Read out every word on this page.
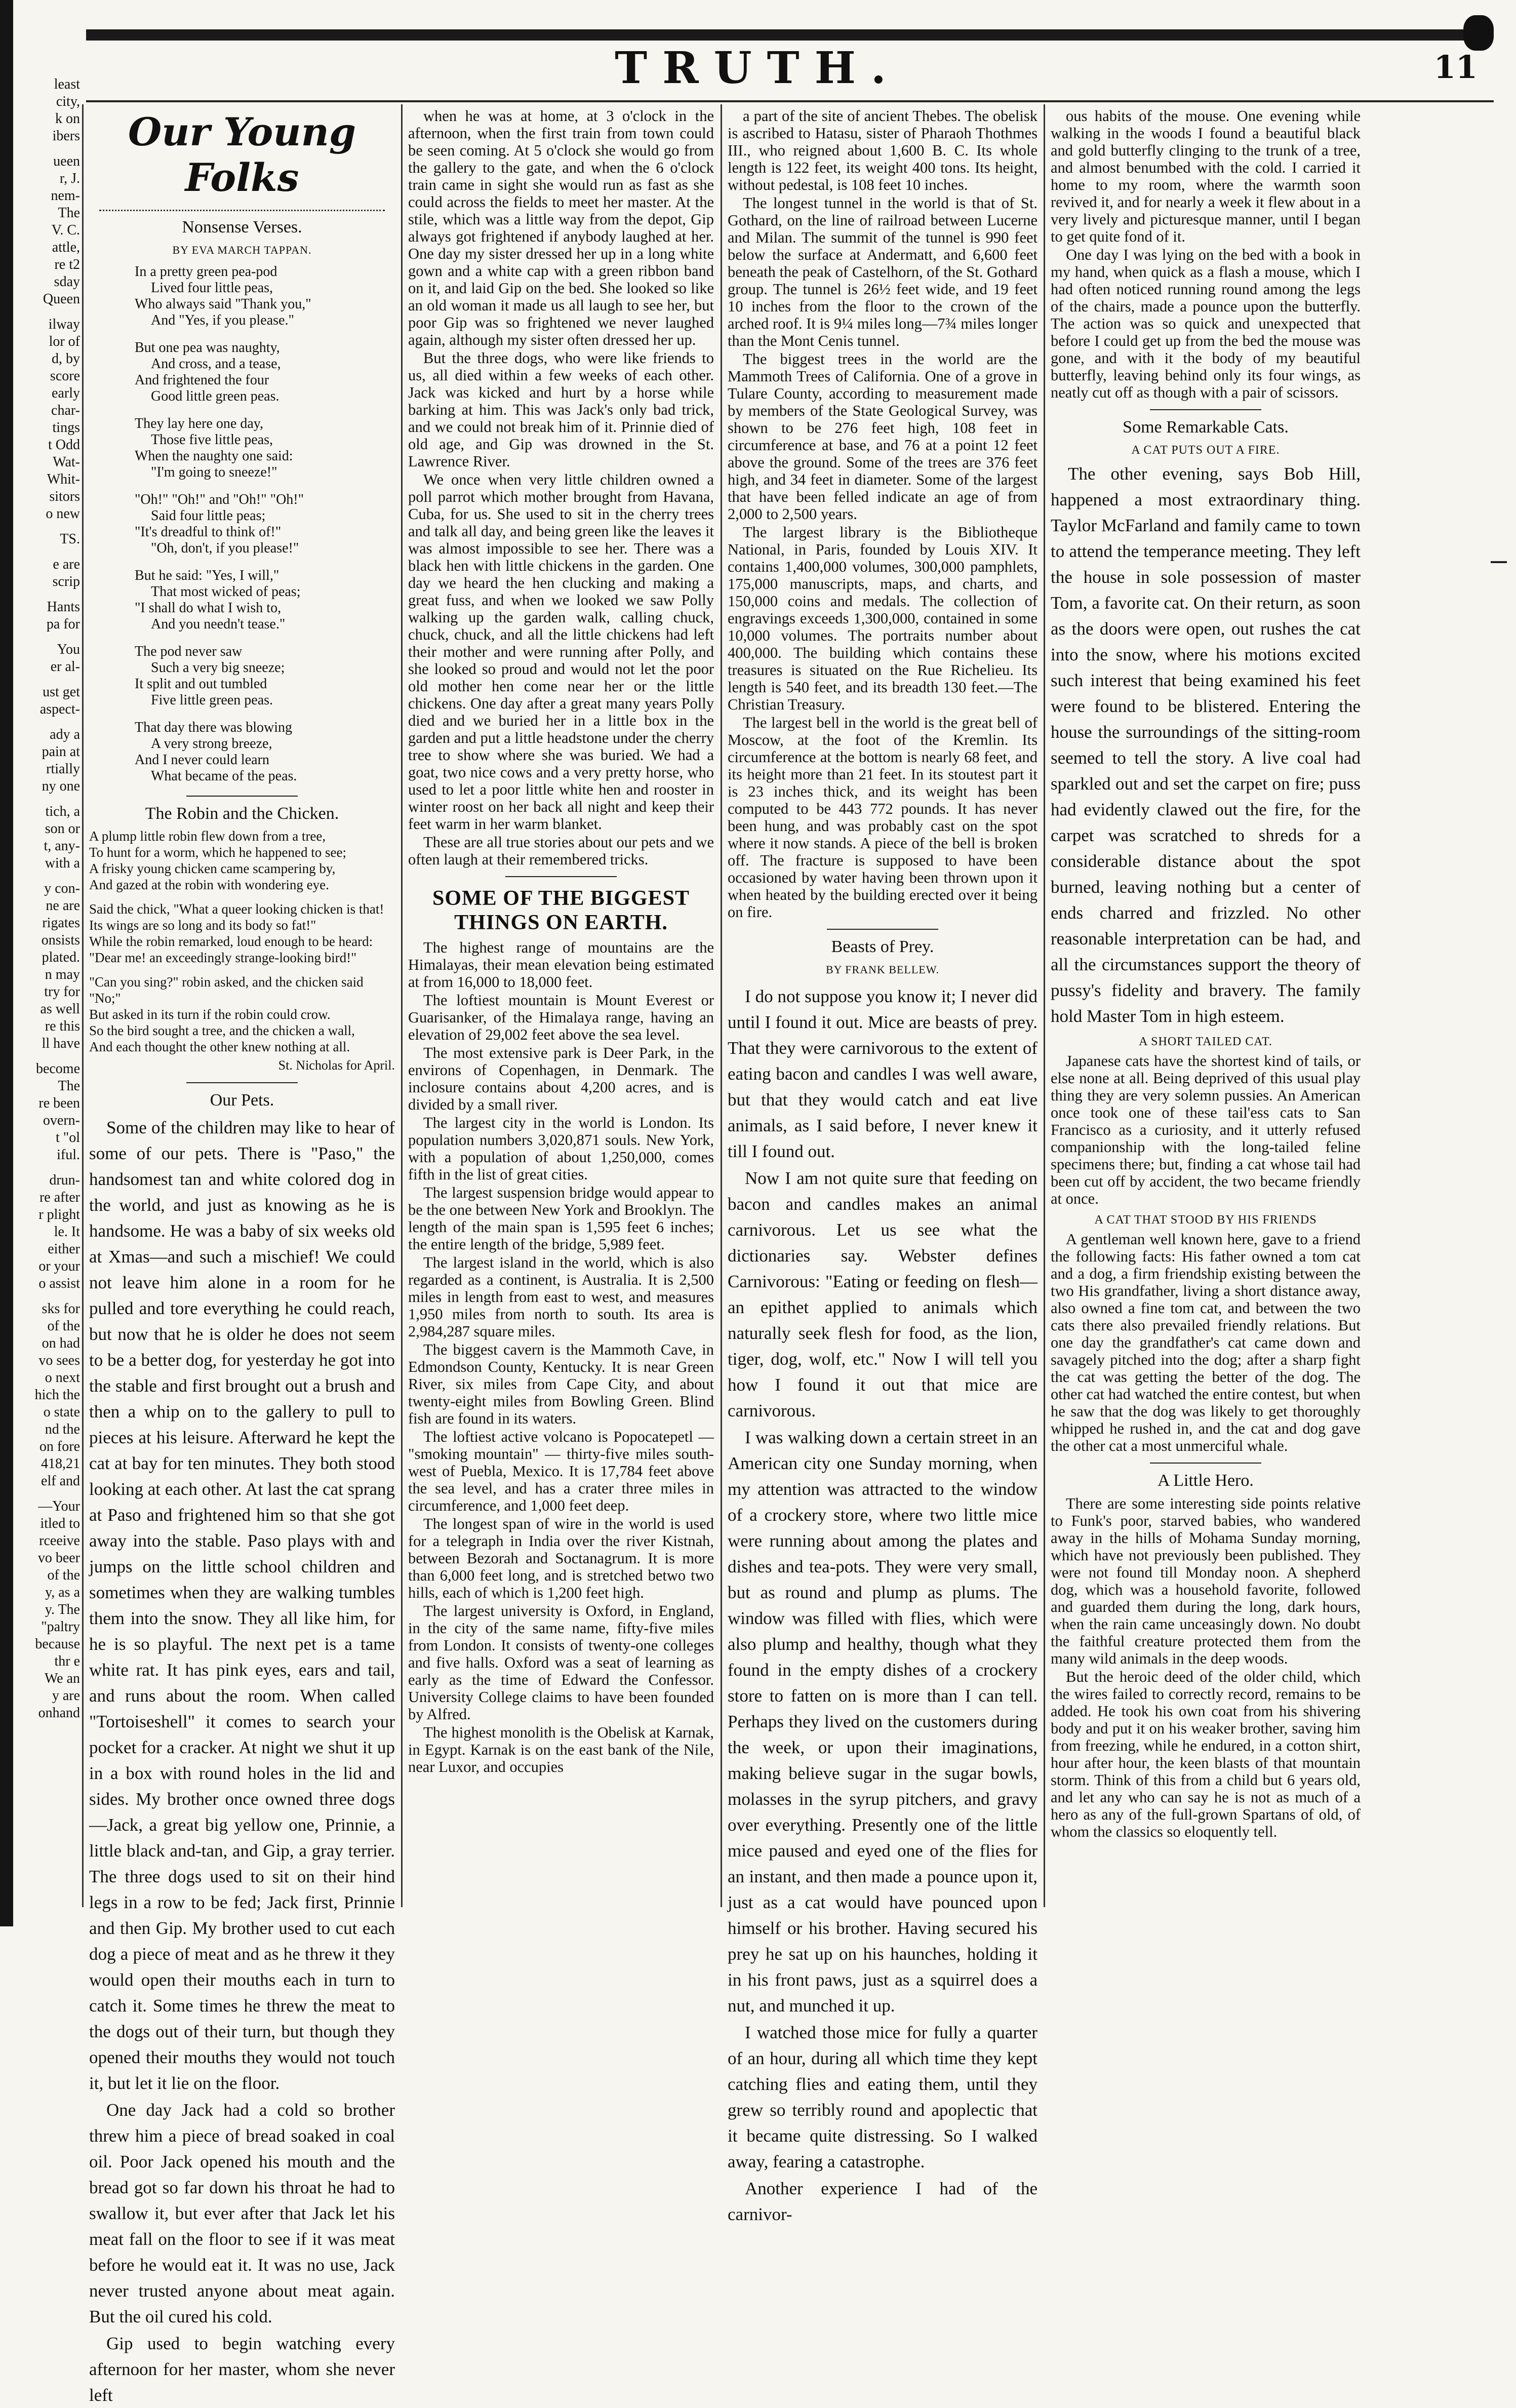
TRUTH.	11
least
city,
k on
ibers
ueen
r, J.
nem-
The
V. C.
attle,
re t2
sday
Queen
ilway
lor of
d, by
score
early
char-
tings
t Odd
Wat-
Whit-
sitors
o new
TS.
e are
scrip
Hants
pa for
You
er al-
ust get
aspect-
ady a
pain at
rtially
ny one
tich, a
son or
t, any-
with a
y con-
ne are
rigates
onsists
plated.
n may
try for
as well
re this
ll have
become
The
re been
overn-
t "ol
iful.
drun-
re after
r plight
le. It
either
or your
o assist
sks for
of the
on had
vo sees
o next
hich the
o state
nd the
on fore
418,21
elf and
—Your
itled to
rceeive
vo beer
of the
y, as a
y. The
"paltry
because
thr e
We an
y are
onhand
Our Young Folks
Nonsense Verses.
BY EVA MARCH TAPPAN.
In a pretty green pea-pod
Lived four little peas,
Who always said "Thank you,"
And "Yes, if you please."
But one pea was naughty,
And cross, and a tease,
And frightened the four
Good little green peas.
They lay here one day,
Those five little peas,
When the naughty one said:
"I'm going to sneeze!"
"Oh!" "Oh!" and "Oh!" "Oh!"
Said four little peas;
"It's dreadful to think of!"
"Oh, don't, if you please!"
But he said: "Yes, I will,"
That most wicked of peas;
"I shall do what I wish to,
And you needn't tease."
The pod never saw
Such a very big sneeze;
It split and out tumbled
Five little green peas.
That day there was blowing
A very strong breeze,
And I never could learn
What became of the peas.
The Robin and the Chicken.
A plump little robin flew down from a tree,
To hunt for a worm, which he happened to see;
A frisky young chicken came scampering by,
And gazed at the robin with wondering eye.
Said the chick, "What a queer looking chicken is that!
Its wings are so long and its body so fat!"
While the robin remarked, loud enough to be heard:
"Dear me! an exceedingly strange-looking bird!"
"Can you sing?" robin asked, and the chicken said "No;"
But asked in its turn if the robin could crow.
So the bird sought a tree, and the chicken a wall,
And each thought the other knew nothing at all.
St. Nicholas for April.
Our Pets.

Some of the children may like to hear of some of our pets. There is "Paso," the handsomest tan and white colored dog in the world, and just as knowing as he is handsome. He was a baby of six weeks old at Xmas—and such a mischief! We could not leave him alone in a room for he pulled and tore everything he could reach, but now that he is older he does not seem to be a better dog, for yesterday he got into the stable and first brought out a brush and then a whip on to the gallery to pull to pieces at his leisure. Afterward he kept the cat at bay for ten minutes. They both stood looking at each other. At last the cat sprang at Paso and frightened him so that she got away into the stable. Paso plays with and jumps on the little school children and sometimes when they are walking tumbles them into the snow. They all like him, for he is so playful. The next pet is a tame white rat. It has pink eyes, ears and tail, and runs about the room. When called "Tortoiseshell" it comes to search your pocket for a cracker. At night we shut it up in a box with round holes in the lid and sides. My brother once owned three dogs—Jack, a great big yellow one, Prinnie, a little black and-tan, and Gip, a gray terrier. The three dogs used to sit on their hind legs in a row to be fed; Jack first, Prinnie and then Gip. My brother used to cut each dog a piece of meat and as he threw it they would open their mouths each in turn to catch it. Some times he threw the meat to the dogs out of their turn, but though they opened their mouths they would not touch it, but let it lie on the floor.

One day Jack had a cold so brother threw him a piece of bread soaked in coal oil. Poor Jack opened his mouth and the bread got so far down his throat he had to swallow it, but ever after that Jack let his meat fall on the floor to see if it was meat before he would eat it. It was no use, Jack never trusted anyone about meat again. But the oil cured his cold.

Gip used to begin watching every afternoon for her master, whom she never left

when he was at home, at 3 o'clock in the afternoon, when the first train from town could be seen coming. At 5 o'clock she would go from the gallery to the gate, and when the 6 o'clock train came in sight she would run as fast as she could across the fields to meet her master. At the stile, which was a little way from the depot, Gip always got frightened if anybody laughed at her. One day my sister dressed her up in a long white gown and a white cap with a green ribbon band on it, and laid Gip on the bed. She looked so like an old woman it made us all laugh to see her, but poor Gip was so frightened we never laughed again, although my sister often dressed her up.

But the three dogs, who were like friends to us, all died within a few weeks of each other. Jack was kicked and hurt by a horse while barking at him. This was Jack's only bad trick, and we could not break him of it. Prinnie died of old age, and Gip was drowned in the St. Lawrence River.

We once when very little children owned a poll parrot which mother brought from Havana, Cuba, for us. She used to sit in the cherry trees and talk all day, and being green like the leaves it was almost impossible to see her. There was a black hen with little chickens in the garden. One day we heard the hen clucking and making a great fuss, and when we looked we saw Polly walking up the garden walk, calling chuck, chuck, chuck, and all the little chickens had left their mother and were running after Polly, and she looked so proud and would not let the poor old mother hen come near her or the little chickens. One day after a great many years Polly died and we buried her in a little box in the garden and put a little headstone under the cherry tree to show where she was buried. We had a goat, two nice cows and a very pretty horse, who used to let a poor little white hen and rooster in winter roost on her back all night and keep their feet warm in her warm blanket.

These are all true stories about our pets and we often laugh at their remembered tricks.

SOME OF THE BIGGEST THINGS ON EARTH.

The highest range of mountains are the Himalayas, their mean elevation being estimated at from 16,000 to 18,000 feet.

The loftiest mountain is Mount Everest or Guarisanker, of the Himalaya range, having an elevation of 29,002 feet above the sea level.

The most extensive park is Deer Park, in the environs of Copenhagen, in Denmark. The inclosure contains about 4,200 acres, and is divided by a small river.

The largest city in the world is London. Its population numbers 3,020,871 souls. New York, with a population of about 1,250,000, comes fifth in the list of great cities.

The largest suspension bridge would appear to be the one between New York and Brooklyn. The length of the main span is 1,595 feet 6 inches; the entire length of the bridge, 5,989 feet.

The largest island in the world, which is also regarded as a continent, is Australia. It is 2,500 miles in length from east to west, and measures 1,950 miles from north to south. Its area is 2,984,287 square miles.

The biggest cavern is the Mammoth Cave, in Edmondson County, Kentucky. It is near Green River, six miles from Cape City, and about twenty-eight miles from Bowling Green. Blind fish are found in its waters.

The loftiest active volcano is Popocatepetl — "smoking mountain" — thirty-five miles south-west of Puebla, Mexico. It is 17,784 feet above the sea level, and has a crater three miles in circumference, and 1,000 feet deep.

The longest span of wire in the world is used for a telegraph in India over the river Kistnah, between Bezorah and Soctanagrum. It is more than 6,000 feet long, and is stretched betwo two hills, each of which is 1,200 feet high.

The largest university is Oxford, in England, in the city of the same name, fifty-five miles from London. It consists of twenty-one colleges and five halls. Oxford was a seat of learning as early as the time of Edward the Confessor. University College claims to have been founded by Alfred.

The highest monolith is the Obelisk at Karnak, in Egypt. Karnak is on the east bank of the Nile, near Luxor, and occupies

a part of the site of ancient Thebes. The obelisk is ascribed to Hatasu, sister of Pharaoh Thothmes III., who reigned about 1,600 B. C. Its whole length is 122 feet, its weight 400 tons. Its height, without pedestal, is 108 feet 10 inches.

The longest tunnel in the world is that of St. Gothard, on the line of railroad between Lucerne and Milan. The summit of the tunnel is 990 feet below the surface at Andermatt, and 6,600 feet beneath the peak of Castelhorn, of the St. Gothard group. The tunnel is 26½ feet wide, and 19 feet 10 inches from the floor to the crown of the arched roof. It is 9¼ miles long—7¾ miles longer than the Mont Cenis tunnel.

The biggest trees in the world are the Mammoth Trees of California. One of a grove in Tulare County, according to measurement made by members of the State Geological Survey, was shown to be 276 feet high, 108 feet in circumference at base, and 76 at a point 12 feet above the ground. Some of the trees are 376 feet high, and 34 feet in diameter. Some of the largest that have been felled indicate an age of from 2,000 to 2,500 years.

The largest library is the Bibliotheque National, in Paris, founded by Louis XIV. It contains 1,400,000 volumes, 300,000 pamphlets, 175,000 manuscripts, maps, and charts, and 150,000 coins and medals. The collection of engravings exceeds 1,300,000, contained in some 10,000 volumes. The portraits number about 400,000. The building which contains these treasures is situated on the Rue Richelieu. Its length is 540 feet, and its breadth 130 feet.—The Christian Treasury.

The largest bell in the world is the great bell of Moscow, at the foot of the Kremlin. Its circumference at the bottom is nearly 68 feet, and its height more than 21 feet. In its stoutest part it is 23 inches thick, and its weight has been computed to be 443 772 pounds. It has never been hung, and was probably cast on the spot where it now stands. A piece of the bell is broken off. The fracture is supposed to have been occasioned by water having been thrown upon it when heated by the building erected over it being on fire.

Beasts of Prey.
BY FRANK BELLEW.

I do not suppose you know it; I never did until I found it out. Mice are beasts of prey. That they were carnivorous to the extent of eating bacon and candles I was well aware, but that they would catch and eat live animals, as I said before, I never knew it till I found out.

Now I am not quite sure that feeding on bacon and candles makes an animal carnivorous. Let us see what the dictionaries say. Webster defines Carnivorous: "Eating or feeding on flesh—an epithet applied to animals which naturally seek flesh for food, as the lion, tiger, dog, wolf, etc." Now I will tell you how I found it out that mice are carnivorous.

I was walking down a certain street in an American city one Sunday morning, when my attention was attracted to the window of a crockery store, where two little mice were running about among the plates and dishes and tea-pots. They were very small, but as round and plump as plums. The window was filled with flies, which were also plump and healthy, though what they found in the empty dishes of a crockery store to fatten on is more than I can tell. Perhaps they lived on the customers during the week, or upon their imaginations, making believe sugar in the sugar bowls, molasses in the syrup pitchers, and gravy over everything. Presently one of the little mice paused and eyed one of the flies for an instant, and then made a pounce upon it, just as a cat would have pounced upon himself or his brother. Having secured his prey he sat up on his haunches, holding it in his front paws, just as a squirrel does a nut, and munched it up.

I watched those mice for fully a quarter of an hour, during all which time they kept catching flies and eating them, until they grew so terribly round and apoplectic that it became quite distressing. So I walked away, fearing a catastrophe.

Another experience I had of the carnivor-

ous habits of the mouse. One evening while walking in the woods I found a beautiful black and gold butterfly clinging to the trunk of a tree, and almost benumbed with the cold. I carried it home to my room, where the warmth soon revived it, and for nearly a week it flew about in a very lively and picturesque manner, until I began to get quite fond of it.

One day I was lying on the bed with a book in my hand, when quick as a flash a mouse, which I had often noticed running round among the legs of the chairs, made a pounce upon the butterfly. The action was so quick and unexpected that before I could get up from the bed the mouse was gone, and with it the body of my beautiful butterfly, leaving behind only its four wings, as neatly cut off as though with a pair of scissors.

Some Remarkable Cats.
A CAT PUTS OUT A FIRE.

The other evening, says Bob Hill, happened a most extraordinary thing. Taylor McFarland and family came to town to attend the temperance meeting. They left the house in sole possession of master Tom, a favorite cat. On their return, as soon as the doors were open, out rushes the cat into the snow, where his motions excited such interest that being examined his feet were found to be blistered. Entering the house the surroundings of the sitting-room seemed to tell the story. A live coal had sparkled out and set the carpet on fire; puss had evidently clawed out the fire, for the carpet was scratched to shreds for a considerable distance about the spot burned, leaving nothing but a center of ends charred and frizzled. No other reasonable interpretation can be had, and all the circumstances support the theory of pussy's fidelity and bravery. The family hold Master Tom in high esteem.

A SHORT TAILED CAT.

Japanese cats have the shortest kind of tails, or else none at all. Being deprived of this usual play thing they are very solemn pussies. An American once took one of these tail'ess cats to San Francisco as a curiosity, and it utterly refused companionship with the long-tailed feline specimens there; but, finding a cat whose tail had been cut off by accident, the two became friendly at once.

A CAT THAT STOOD BY HIS FRIENDS

A gentleman well known here, gave to a friend the following facts: His father owned a tom cat and a dog, a firm friendship existing between the two His grandfather, living a short distance away, also owned a fine tom cat, and between the two cats there also prevailed friendly relations. But one day the grandfather's cat came down and savagely pitched into the dog; after a sharp fight the cat was getting the better of the dog. The other cat had watched the entire contest, but when he saw that the dog was likely to get thoroughly whipped he rushed in, and the cat and dog gave the other cat a most unmerciful whale.

A Little Hero.

There are some interesting side points relative to Funk's poor, starved babies, who wandered away in the hills of Mohama Sunday morning, which have not previously been published. They were not found till Monday noon. A shepherd dog, which was a household favorite, followed and guarded them during the long, dark hours, when the rain came unceasingly down. No doubt the faithful creature protected them from the many wild animals in the deep woods.

But the heroic deed of the older child, which the wires failed to correctly record, remains to be added. He took his own coat from his shivering body and put it on his weaker brother, saving him from freezing, while he endured, in a cotton shirt, hour after hour, the keen blasts of that mountain storm. Think of this from a child but 6 years old, and let any who can say he is not as much of a hero as any of the full-grown Spartans of old, of whom the classics so eloquently tell.
